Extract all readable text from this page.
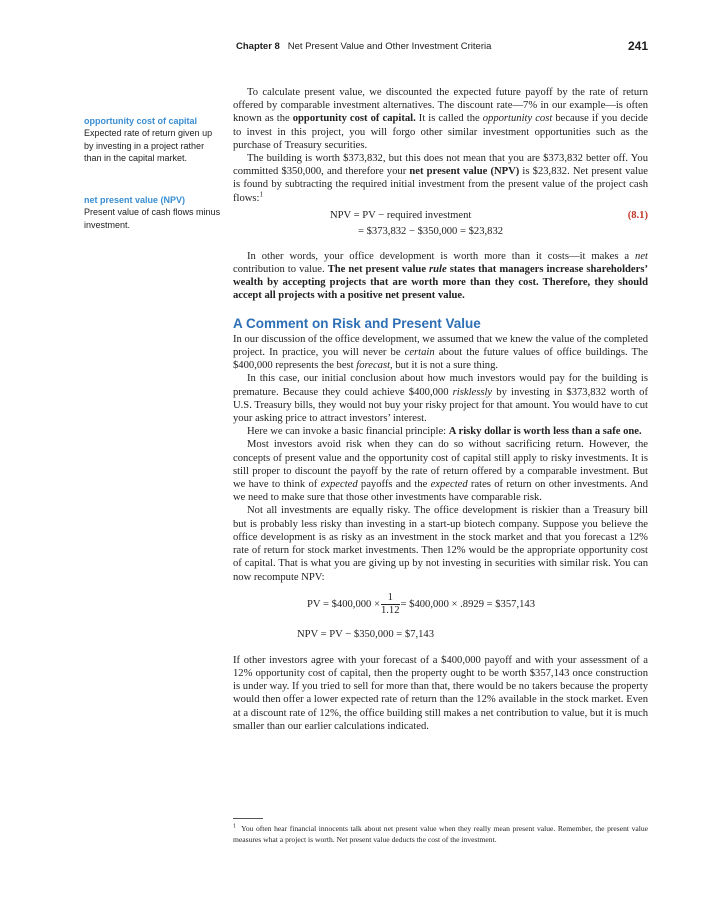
Chapter 8 Net Present Value and Other Investment Criteria	241
opportunity cost of capital
Expected rate of return given up by investing in a project rather than in the capital market.
net present value (NPV)
Present value of cash flows minus investment.

To calculate present value, we discounted the expected future payoff by the rate of return offered by comparable investment alternatives. The discount rate—7% in our example—is often known as the opportunity cost of capital. It is called the opportunity cost because if you decide to invest in this project, you will forgo other similar investment opportunities such as the purchase of Treasury securities.

The building is worth $373,832, but this does not mean that you are $373,832 better off. You committed $350,000, and therefore your net present value (NPV) is $23,832. Net present value is found by subtracting the required initial investment from the present value of the project cash flows:$^1$

NPV = PV − required investment	(8.1)
= $373,832 − $350,000 = $23,832

In other words, your office development is worth more than it costs—it makes a net contribution to value. The net present value rule states that managers increase shareholders’ wealth by accepting projects that are worth more than they cost. Therefore, they should accept all projects with a positive net present value.

A Comment on Risk and Present Value

In our discussion of the office development, we assumed that we knew the value of the completed project. In practice, you will never be certain about the future values of office buildings. The $400,000 represents the best forecast, but it is not a sure thing.

In this case, our initial conclusion about how much investors would pay for the building is premature. Because they could achieve $400,000 risklessly by investing in $373,832 worth of U.S. Treasury bills, they would not buy your risky project for that amount. You would have to cut your asking price to attract investors’ interest.

Here we can invoke a basic financial principle: A risky dollar is worth less than a safe one.

Most investors avoid risk when they can do so without sacrificing return. However, the concepts of present value and the opportunity cost of capital still apply to risky investments. It is still proper to discount the payoff by the rate of return offered by a comparable investment. But we have to think of expected payoffs and the expected rates of return on other investments. And we need to make sure that those other investments have comparable risk.

Not all investments are equally risky. The office development is riskier than a Treasury bill but is probably less risky than investing in a start-up biotech company. Suppose you believe the office development is as risky as an investment in the stock market and that you forecast a 12% rate of return for stock market investments. Then 12% would be the appropriate opportunity cost of capital. That is what you are giving up by not investing in securities with similar risk. You can now recompute NPV:

PV = $400,000 × $\frac{1}{1.12}$ = $400,000 × .8929 = $357,143
NPV = PV − $350,000 = $7,143

If other investors agree with your forecast of a $400,000 payoff and with your assessment of a 12% opportunity cost of capital, then the property ought to be worth $357,143 once construction is under way. If you tried to sell for more than that, there would be no takers because the property would then offer a lower expected rate of return than the 12% available in the stock market. Even at a discount rate of 12%, the office building still makes a net contribution to value, but it is much smaller than our earlier calculations indicated.

$^1$ You often hear financial innocents talk about net present value when they really mean present value. Remember, the present value measures what a project is worth. Net present value deducts the cost of the investment.
